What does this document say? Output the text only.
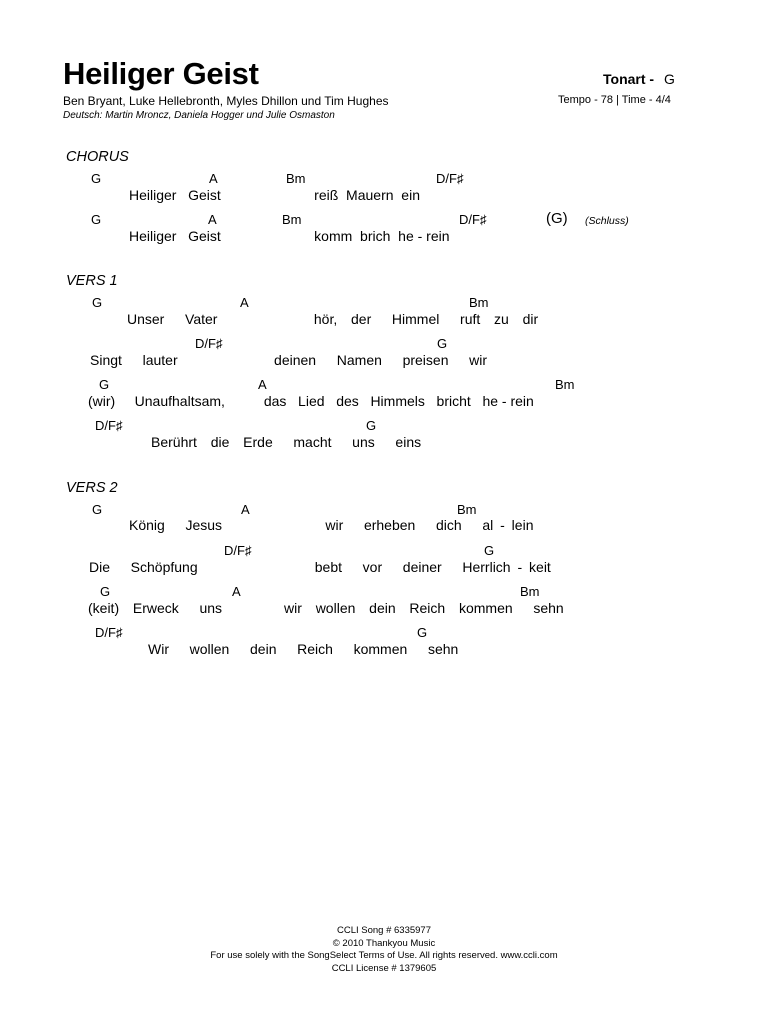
Heiliger Geist
Ben Bryant, Luke Hellebronth, Myles Dhillon und Tim Hughes
Deutsch: Martin Mroncz, Daniela Hogger und Julie Osmaston
Tonart - G
Tempo - 78 | Time - 4/4
CHORUS
G	A	Bm	D/F♯
Heiliger   Geist                        reiß  Mauern  ein
G	A	Bm	D/F♯	(G) (Schluss)
Heiliger   Geist                        komm  brich  he - rein
VERS 1
G	A	Bm
Unser   Vater              hör,  der   Himmel   ruft  zu  dir
D/F♯	G
Singt   lauter              deinen   Namen   preisen   wir
G	A	Bm
(wir)     Unaufhaltsam,          das   Lied   des   Himmels   bricht   he - rein
D/F♯	G
Berührt  die  Erde   macht   uns   eins
VERS 2
G	A	Bm
König   Jesus               wir   erheben   dich   al - lein
D/F♯	G
Die   Schöpfung                 bebt   vor   deiner   Herrlich - keit
G	A	Bm
(keit)  Erweck   uns         wir  wollen  dein  Reich  kommen   sehn
D/F♯	G
Wir   wollen   dein   Reich   kommen   sehn
CCLI Song # 6335977
© 2010 Thankyou Music
For use solely with the SongSelect Terms of Use. All rights reserved. www.ccli.com
CCLI License # 1379605
